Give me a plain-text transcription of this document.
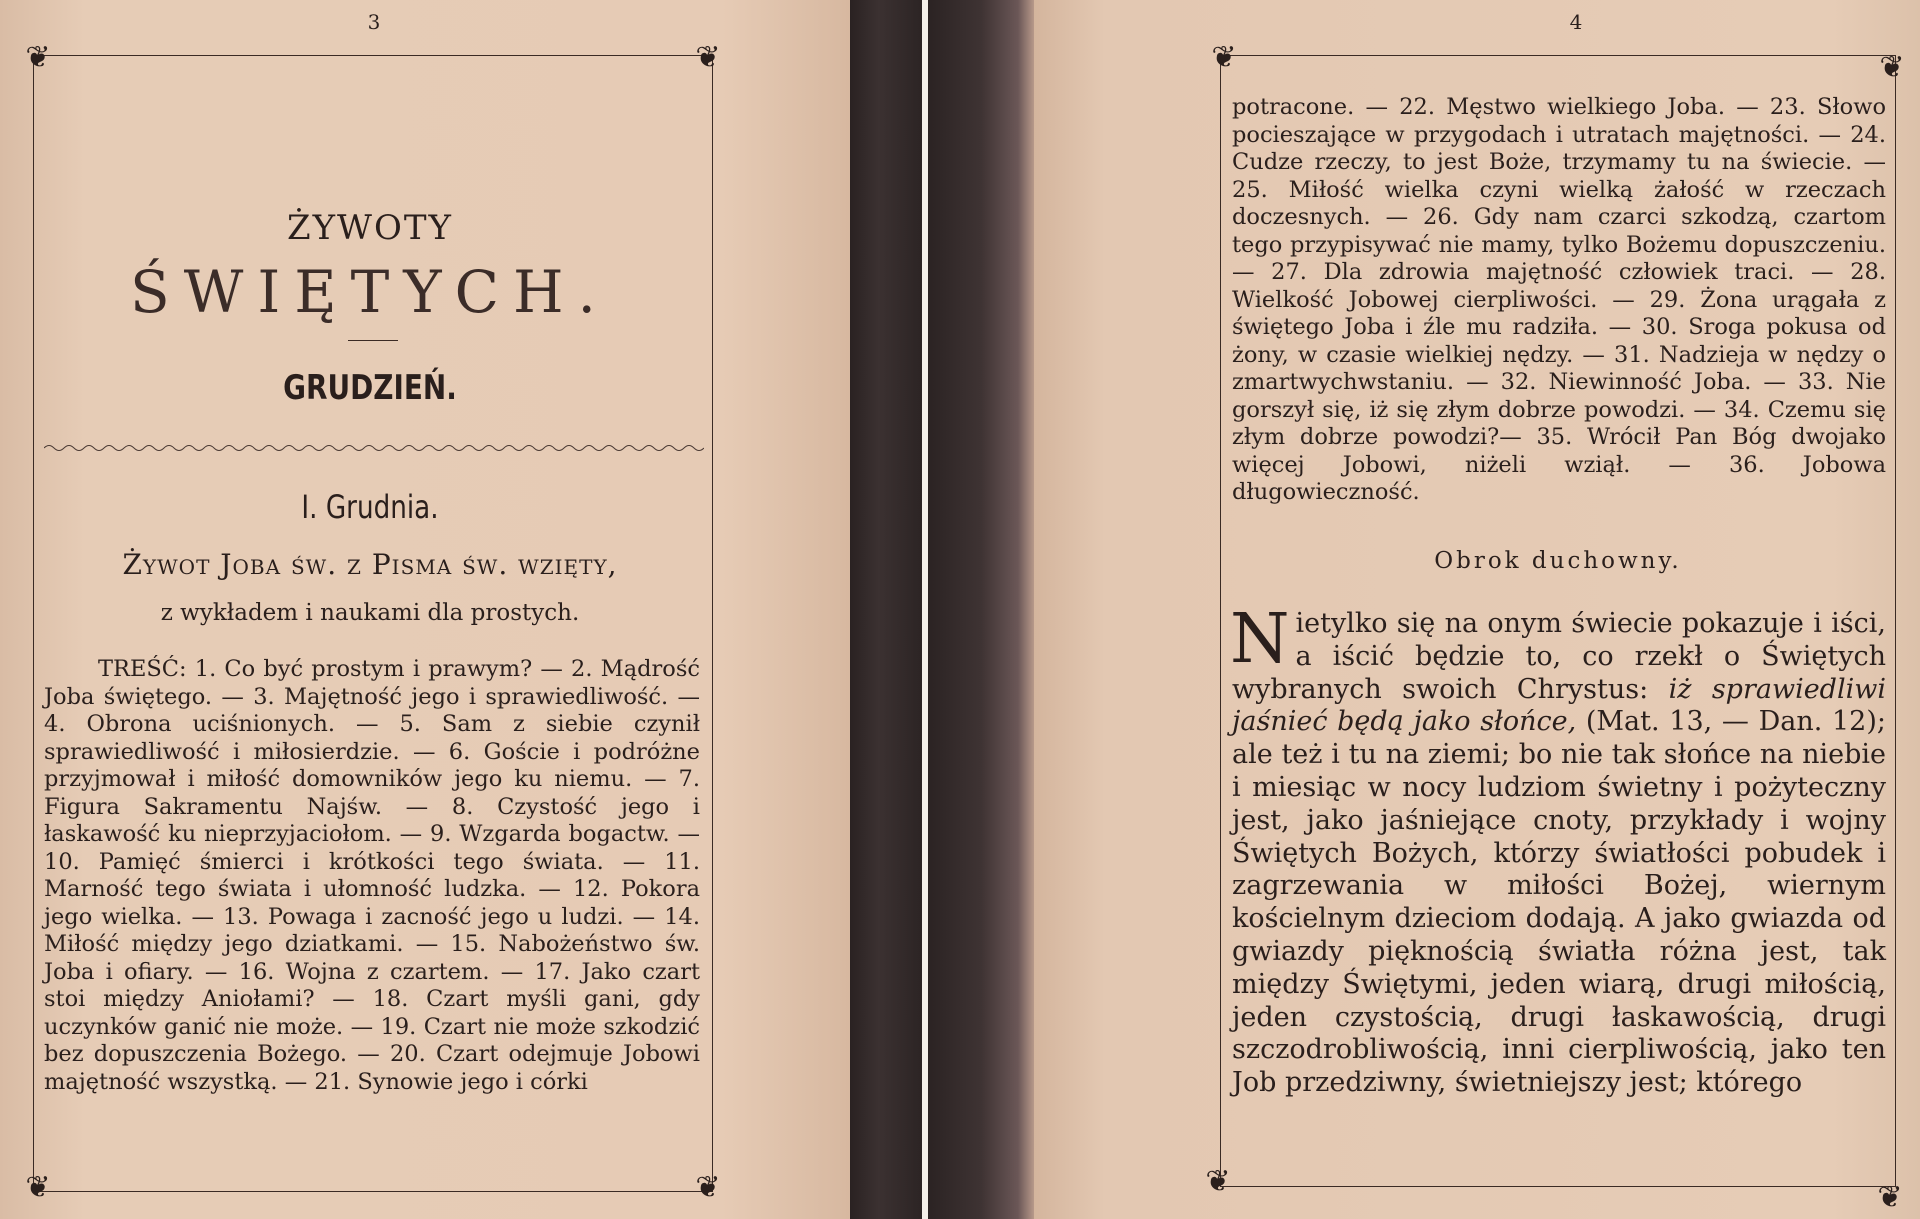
3
❦	❦
❦	❦
ŻYWOTY
ŚWIĘTYCH.
GRUDZIEŃ.
I. Grudnia.
Żywot Joba św. z Pisma św. wzięty,
z wykładem i naukami dla prostych.

TREŚĆ: 1. Co być prostym i prawym? — 2. Mądrość Joba świętego. — 3. Majętność jego i sprawiedliwość. — 4. Obrona uciśnionych. — 5. Sam z siebie czynił sprawiedliwość i miłosierdzie. — 6. Goście i podróżne przyjmował i miłość domowników jego ku niemu. — 7. Figura Sakramentu Najśw. — 8. Czystość jego i łaskawość ku nieprzyjaciołom. — 9. Wzgarda bogactw. — 10. Pamięć śmierci i krótkości tego świata. — 11. Marność tego świata i ułomność ludzka. — 12. Pokora jego wielka. — 13. Powaga i zacność jego u ludzi. — 14. Miłość między jego dziatkami. — 15. Nabożeństwo św. Joba i ofiary. — 16. Wojna z czartem. — 17. Jako czart stoi między Aniołami? — 18. Czart myśli gani, gdy uczynków ganić nie może. — 19. Czart nie może szkodzić bez dopuszczenia Bożego. — 20. Czart odejmuje Jobowi majętność wszystką. — 21. Synowie jego i córki

4
❦	❦
❦	❦

potracone. — 22. Męstwo wielkiego Joba. — 23. Słowo pocieszające w przygodach i utratach majętności. — 24. Cudze rzeczy, to jest Boże, trzymamy tu na świecie. — 25. Miłość wielka czyni wielką żałość w rzeczach doczesnych. — 26. Gdy nam czarci szkodzą, czartom tego przypisywać nie mamy, tylko Bożemu dopuszczeniu. — 27. Dla zdrowia majętność człowiek traci. — 28. Wielkość Jobowej cierpliwości. — 29. Żona urągała z świętego Joba i źle mu radziła. — 30. Sroga pokusa od żony, w czasie wielkiej nędzy. — 31. Nadzieja w nędzy o zmartwychwstaniu. — 32. Niewinność Joba. — 33. Nie gorszył się, iż się złym dobrze powodzi. — 34. Czemu się złym dobrze powodzi?— 35. Wrócił Pan Bóg dwojako więcej Jobowi, niżeli wziął. — 36. Jobowa długowieczność.

Obrok duchowny.

Nietylko się na onym świecie pokazuje i iści, a iścić będzie to, co rzekł o Świętych wybranych swoich Chrystus: iż sprawiedliwi jaśnieć będą jako słońce, (Mat. 13, — Dan. 12); ale też i tu na ziemi; bo nie tak słońce na niebie i miesiąc w nocy ludziom świetny i pożyteczny jest, jako jaśniejące cnoty, przykłady i wojny Świętych Bożych, którzy światłości pobudek i zagrzewania w miłości Bożej, wiernym kościelnym dzieciom dodają. A jako gwiazda od gwiazdy pięknością światła różna jest, tak między Świętymi, jeden wiarą, drugi miłością, jeden czystością, drugi łaskawością, drugi szczodrobliwością, inni cierpliwością, jako ten Job przedziwny, świetniejszy jest; którego
